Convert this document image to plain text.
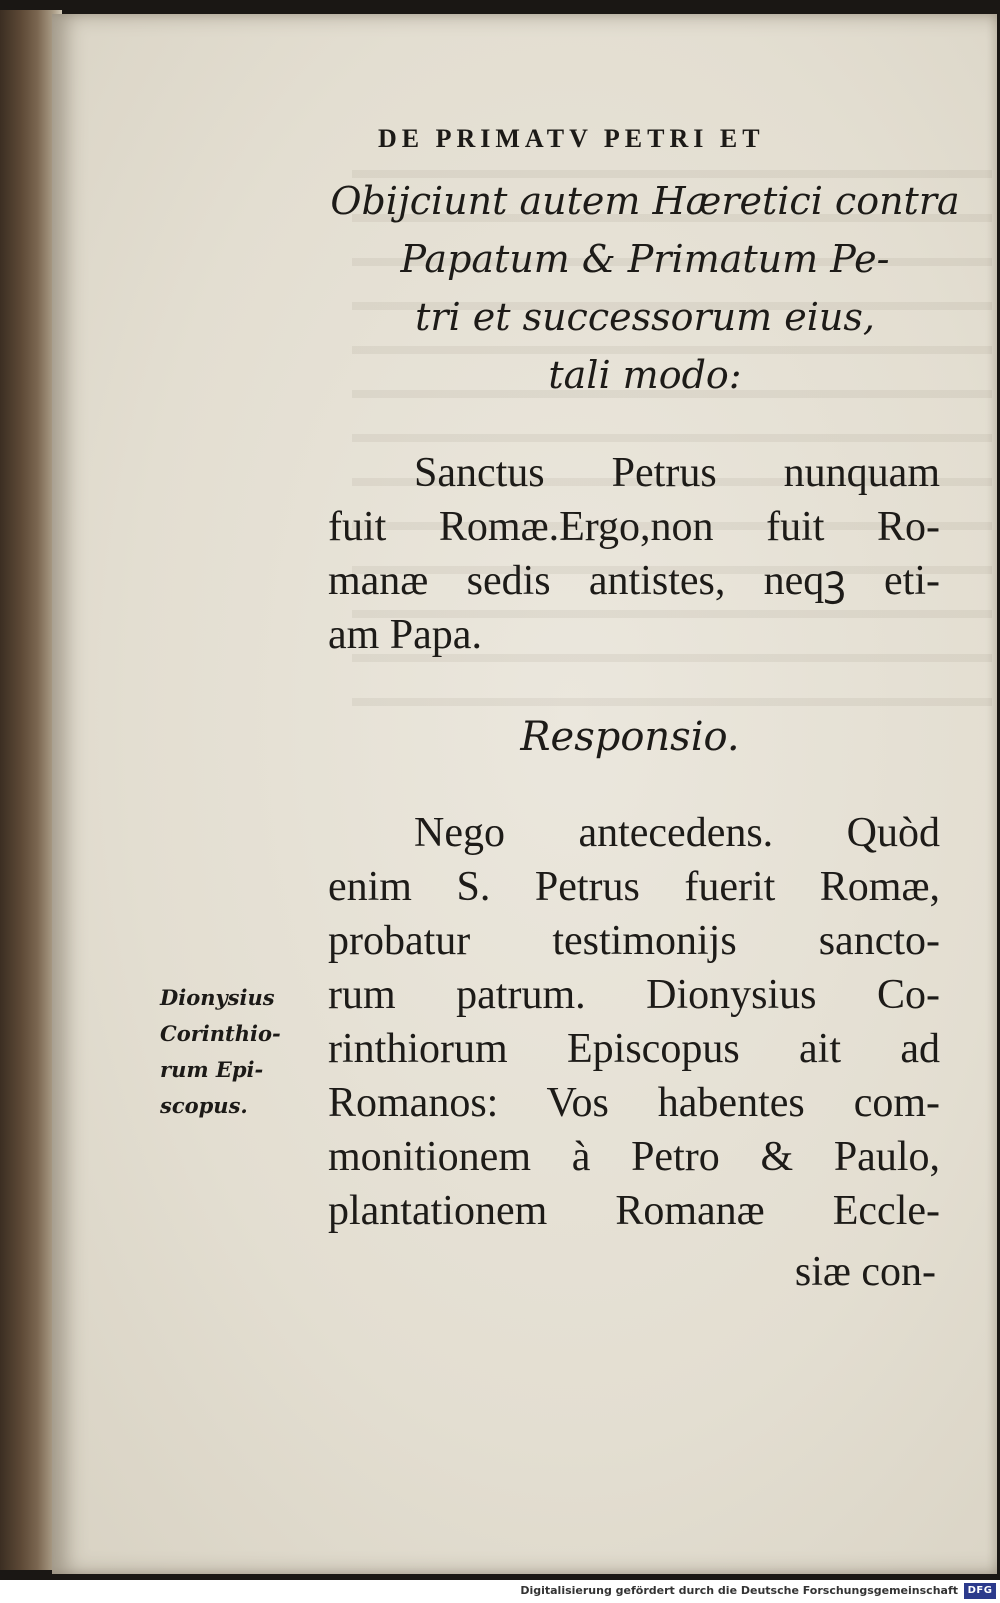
DE PRIMATV PETRI ET
Obijciunt autem Hæretici contra
Papatum & Primatum Pe-
tri et successorum eius,
tali modo:
Sanctus Petrus nunquam
fuit Romæ.Ergo,non fuit Ro-
manæ sedis antistes, neqꝫ eti-
am Papa.
Responsio.
Nego antecedens. Quòd
enim S. Petrus fuerit Romæ,
probatur testimonijs sancto-
rum patrum. Dionysius Co-
rinthiorum Episcopus ait ad
Romanos: Vos habentes com-
monitionem à Petro & Paulo,
plantationem Romanæ Eccle-
siæ con-
Dionysius
Corinthio-
rum Epi-
scopus.
Digitalisierung gefördert durch die Deutsche Forschungsgemeinschaft DFG
